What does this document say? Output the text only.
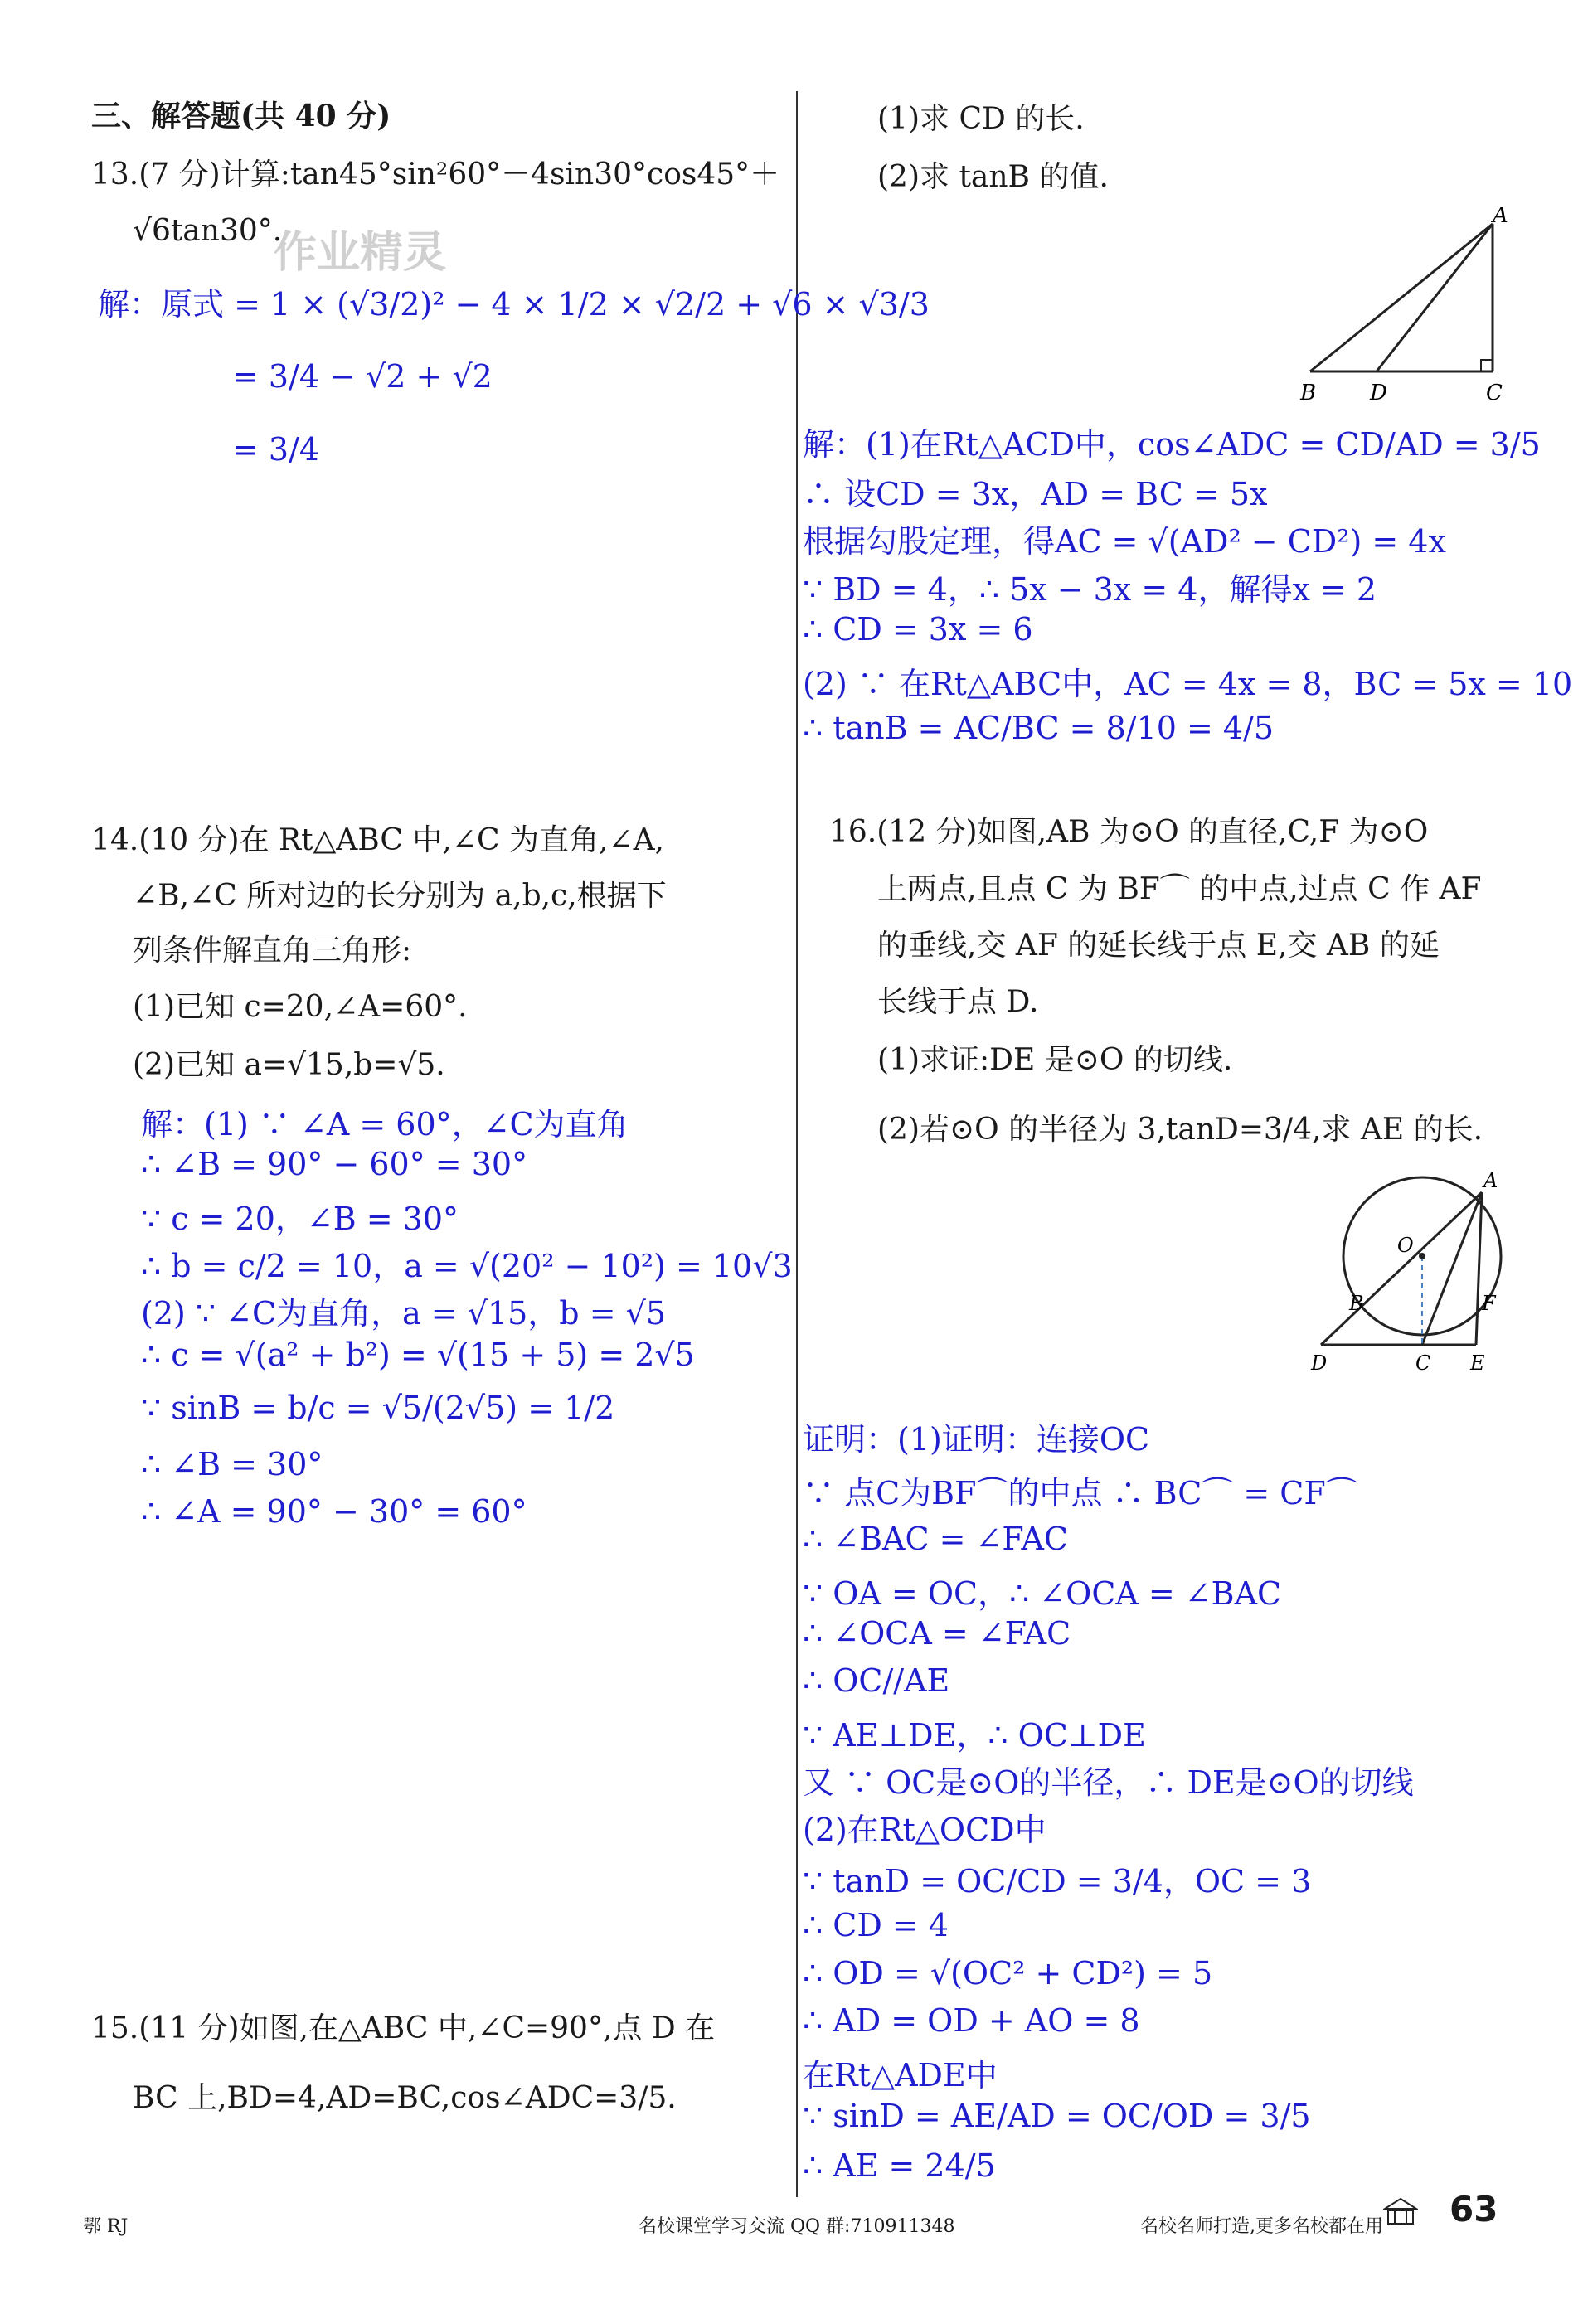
三、解答题(共 40 分)
13.(7 分)计算:tan45°sin²60°－4sin30°cos45°＋
√6tan30°.
作业精灵
解：原式 = 1 × (√3/2)² − 4 × 1/2 × √2/2 + √6 × √3/3
= 3/4 − √2 + √2
= 3/4
14.(10 分)在 Rt△ABC 中,∠C 为直角,∠A,
∠B,∠C 所对边的长分别为 a,b,c,根据下
列条件解直角三角形:
(1)已知 c=20,∠A=60°.
(2)已知 a=√15,b=√5.
解：(1) ∵ ∠A = 60°，∠C为直角
∴ ∠B = 90° − 60° = 30°
∵ c = 20，∠B = 30°
∴ b = c/2 = 10，a = √(20² − 10²) = 10√3
(2) ∵ ∠C为直角，a = √15，b = √5
∴ c = √(a² + b²) = √(15 + 5) = 2√5
∵ sinB = b/c = √5/(2√5) = 1/2
∴ ∠B = 30°
∴ ∠A = 90° − 30° = 60°
15.(11 分)如图,在△ABC 中,∠C=90°,点 D 在
BC 上,BD=4,AD=BC,cos∠ADC=3/5.
(1)求 CD 的长.
(2)求 tanB 的值.
A
B D	C
解：(1)在Rt△ACD中，cos∠ADC = CD/AD = 3/5
∴ 设CD = 3x，AD = BC = 5x
根据勾股定理，得AC = √(AD² − CD²) = 4x
∵ BD = 4，∴ 5x − 3x = 4，解得x = 2
∴ CD = 3x = 6
(2) ∵ 在Rt△ABC中，AC = 4x = 8，BC = 5x = 10
∴ tanB = AC/BC = 8/10 = 4/5
16.(12 分)如图,AB 为⊙O 的直径,C,F 为⊙O
上两点,且点 C 为 BF⌒ 的中点,过点 C 作 AF
的垂线,交 AF 的延长线于点 E,交 AB 的延
长线于点 D.
(1)求证:DE 是⊙O 的切线.
(2)若⊙O 的半径为 3,tanD=3/4,求 AE 的长.
A
O
B	F
D	C E
证明：(1)证明：连接OC
∵ 点C为BF⌒的中点 ∴ BC⌒ = CF⌒
∴ ∠BAC = ∠FAC
∵ OA = OC，∴ ∠OCA = ∠BAC
∴ ∠OCA = ∠FAC
∴ OC//AE
∵ AE⊥DE，∴ OC⊥DE
又 ∵ OC是⊙O的半径，∴ DE是⊙O的切线
(2)在Rt△OCD中
∵ tanD = OC/CD = 3/4，OC = 3
∴ CD = 4
∴ OD = √(OC² + CD²) = 5
∴ AD = OD + AO = 8
在Rt△ADE中
∵ sinD = AE/AD = OC/OD = 3/5
∴ AE = 24/5
鄂 RJ	名校课堂学习交流 QQ 群:710911348	名校名师打造,更多名校都在用 63
